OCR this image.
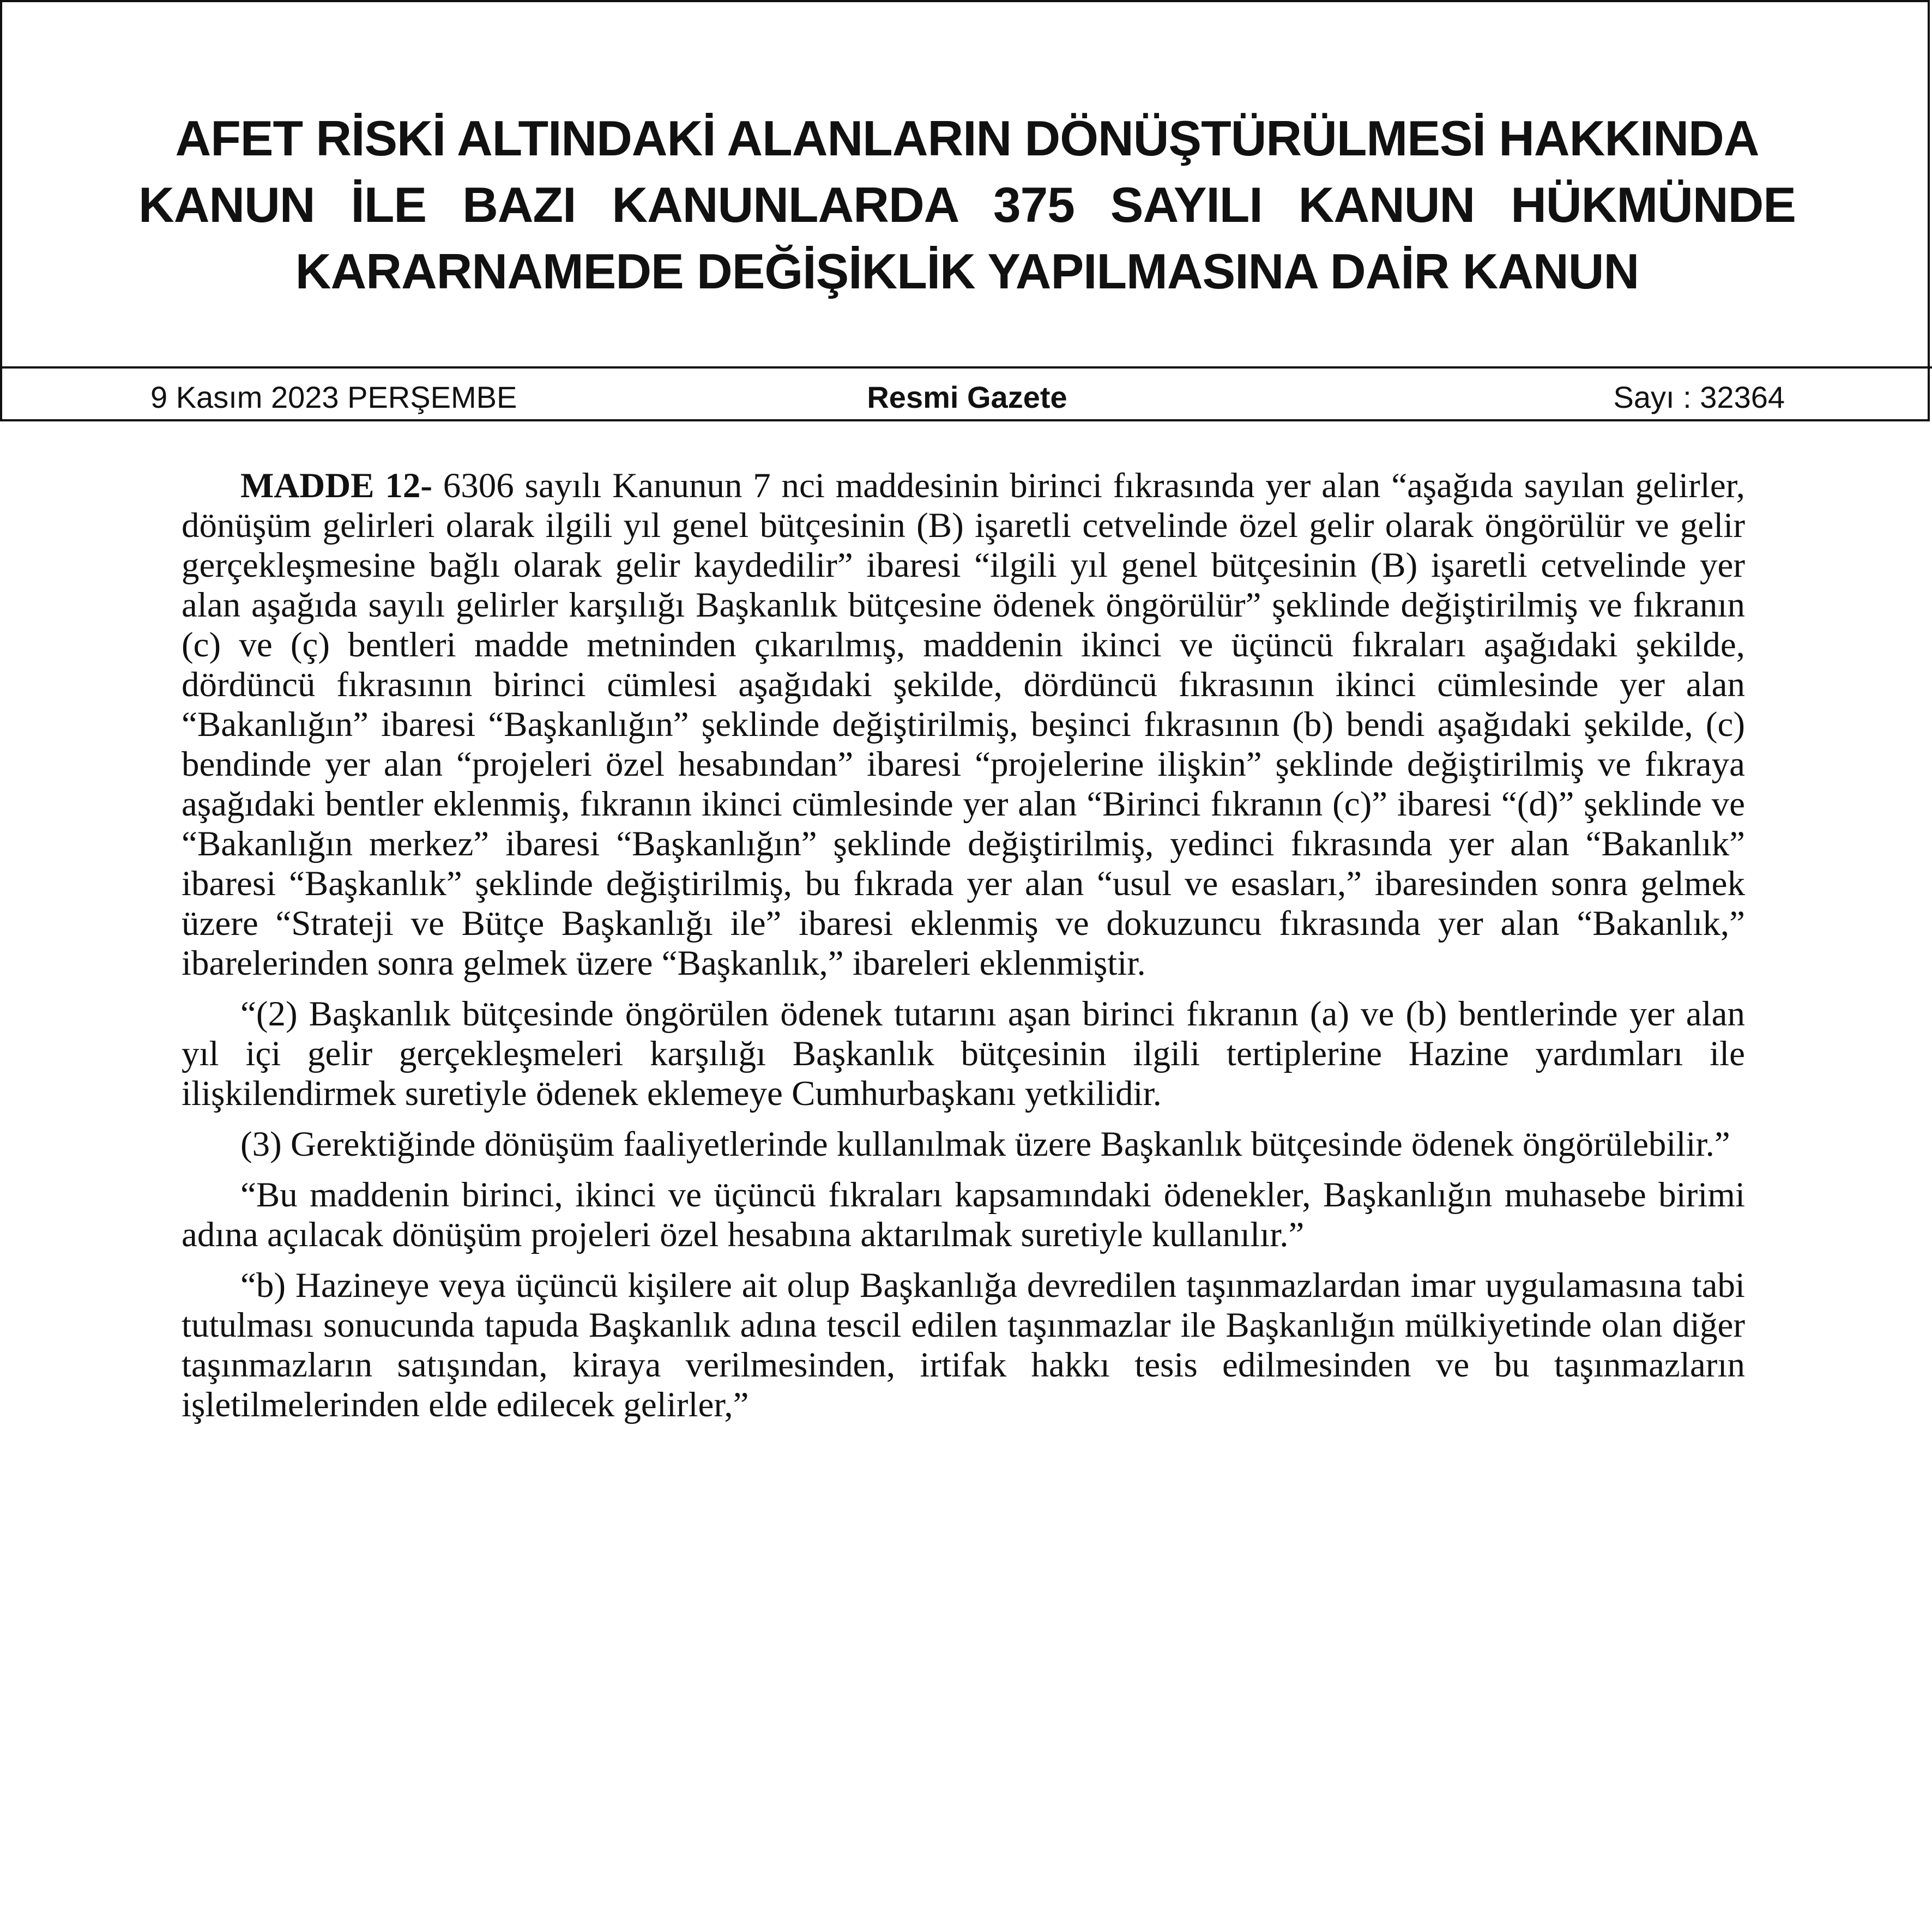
AFET RİSKİ ALTINDAKİ ALANLARIN DÖNÜŞTÜRÜLMESİ HAKKINDA
KANUN İLE BAZI KANUNLARDA 375 SAYILI KANUN HÜKMÜNDE
KARARNAMEDE DEĞİŞİKLİK YAPILMASINA DAİR KANUN
Resmi Gazete
9 Kasım 2023 PERŞEMBE	Sayı : 32364

MADDE 12- 6306 sayılı Kanunun 7 nci maddesinin birinci fıkrasında yer alan “aşağıda sayılan gelirler, dönüşüm gelirleri olarak ilgili yıl genel bütçesinin (B) işaretli cetvelinde özel gelir olarak öngörülür ve gelir gerçekleşmesine bağlı olarak gelir kaydedilir” ibaresi “ilgili yıl genel bütçesinin (B) işaretli cetvelinde yer alan aşağıda sayılı gelirler karşılığı Başkanlık bütçesine ödenek öngörülür” şeklinde değiştirilmiş ve fıkranın (c) ve (ç) bentleri madde metninden çıkarılmış, maddenin ikinci ve üçüncü fıkraları aşağıdaki şekilde, dördüncü fıkrasının birinci cümlesi aşağıdaki şekilde, dördüncü fıkrasının ikinci cümlesinde yer alan “Bakanlığın” ibaresi “Başkanlığın” şeklinde değiştirilmiş, beşinci fıkrasının (b) bendi aşağıdaki şekilde, (c) bendinde yer alan “projeleri özel hesabından” ibaresi “projelerine ilişkin” şeklinde değiştirilmiş ve fıkraya aşağıdaki bentler eklenmiş, fıkranın ikinci cümlesinde yer alan “Birinci fıkranın (c)” ibaresi “(d)” şeklinde ve “Bakanlığın merkez” ibaresi “Başkanlığın” şeklinde değiştirilmiş, yedinci fıkrasında yer alan “Bakanlık” ibaresi “Başkanlık” şeklinde değiştirilmiş, bu fıkrada yer alan “usul ve esasları,” ibaresinden sonra gelmek üzere “Strateji ve Bütçe Başkanlığı ile” ibaresi eklenmiş ve dokuzuncu fıkrasında yer alan “Bakanlık,” ibarelerinden sonra gelmek üzere “Başkanlık,” ibareleri eklenmiştir.

“(2) Başkanlık bütçesinde öngörülen ödenek tutarını aşan birinci fıkranın (a) ve (b) bentlerinde yer alan yıl içi gelir gerçekleşmeleri karşılığı Başkanlık bütçesinin ilgili tertiplerine Hazine yardımları ile ilişkilendirmek suretiyle ödenek eklemeye Cumhurbaşkanı yetkilidir.

(3) Gerektiğinde dönüşüm faaliyetlerinde kullanılmak üzere Başkanlık bütçesinde ödenek öngörülebilir.”

“Bu maddenin birinci, ikinci ve üçüncü fıkraları kapsamındaki ödenekler, Başkanlığın muhasebe birimi adına açılacak dönüşüm projeleri özel hesabına aktarılmak suretiyle kullanılır.”

“b) Hazineye veya üçüncü kişilere ait olup Başkanlığa devredilen taşınmazlardan imar uygulamasına tabi tutulması sonucunda tapuda Başkanlık adına tescil edilen taşınmazlar ile Başkanlığın mülkiyetinde olan diğer taşınmazların satışından, kiraya verilmesinden, irtifak hakkı tesis edilmesinden ve bu taşınmazların işletilmelerinden elde edilecek gelirler,”
